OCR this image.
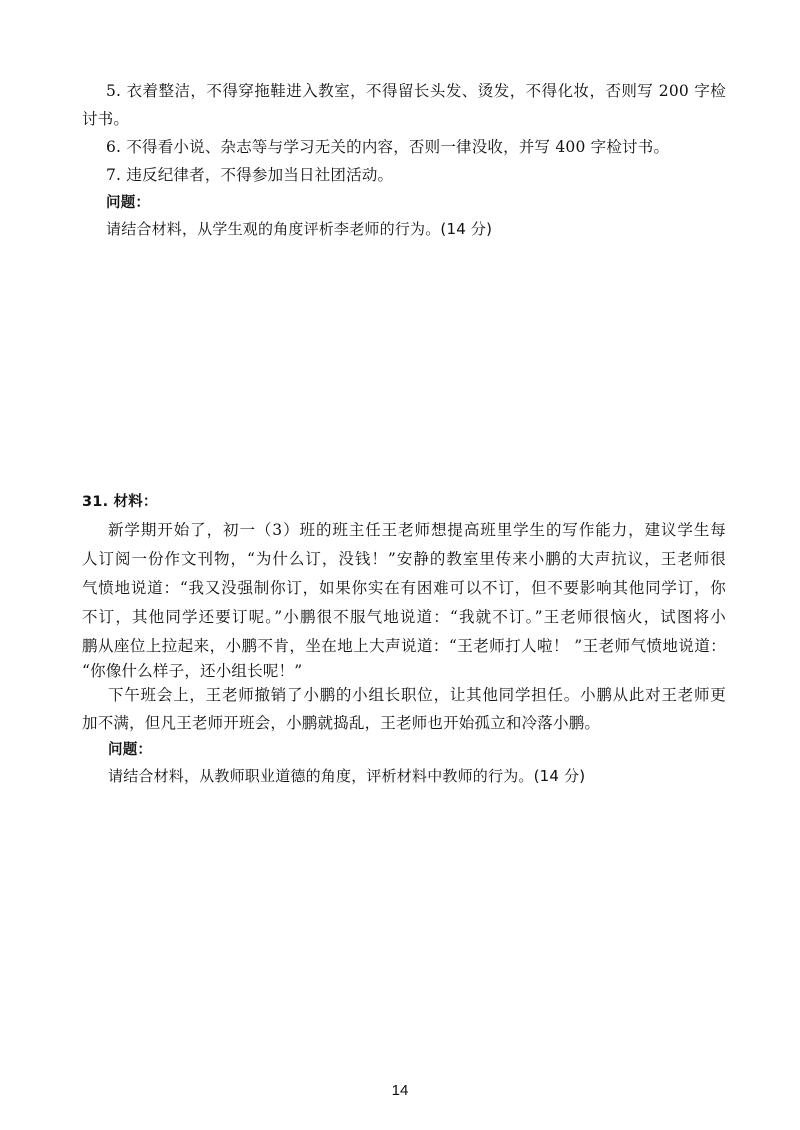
5. 衣着整洁，不得穿拖鞋进入教室，不得留长头发、烫发，不得化妆，否则写 200 字检
讨书。
6. 不得看小说、杂志等与学习无关的内容，否则一律没收，并写 400 字检讨书。
7. 违反纪律者，不得参加当日社团活动。
问题：
请结合材料，从学生观的角度评析李老师的行为。(14 分)
31. 材料：
新学期开始了，初一（3）班的班主任王老师想提高班里学生的写作能力，建议学生每
人订阅一份作文刊物，“为什么订，没钱！”安静的教室里传来小鹏的大声抗议，王老师很
气愤地说道：“我又没强制你订，如果你实在有困难可以不订，但不要影响其他同学订，你
不订，其他同学还要订呢。”小鹏很不服气地说道：“我就不订。”王老师很恼火，试图将小
鹏从座位上拉起来，小鹏不肯，坐在地上大声说道：“王老师打人啦！ ”王老师气愤地说道：
“你像什么样子，还小组长呢！”
下午班会上，王老师撤销了小鹏的小组长职位，让其他同学担任。小鹏从此对王老师更
加不满，但凡王老师开班会，小鹏就捣乱，王老师也开始孤立和冷落小鹏。
问题：
请结合材料，从教师职业道德的角度，评析材料中教师的行为。(14 分)
14
